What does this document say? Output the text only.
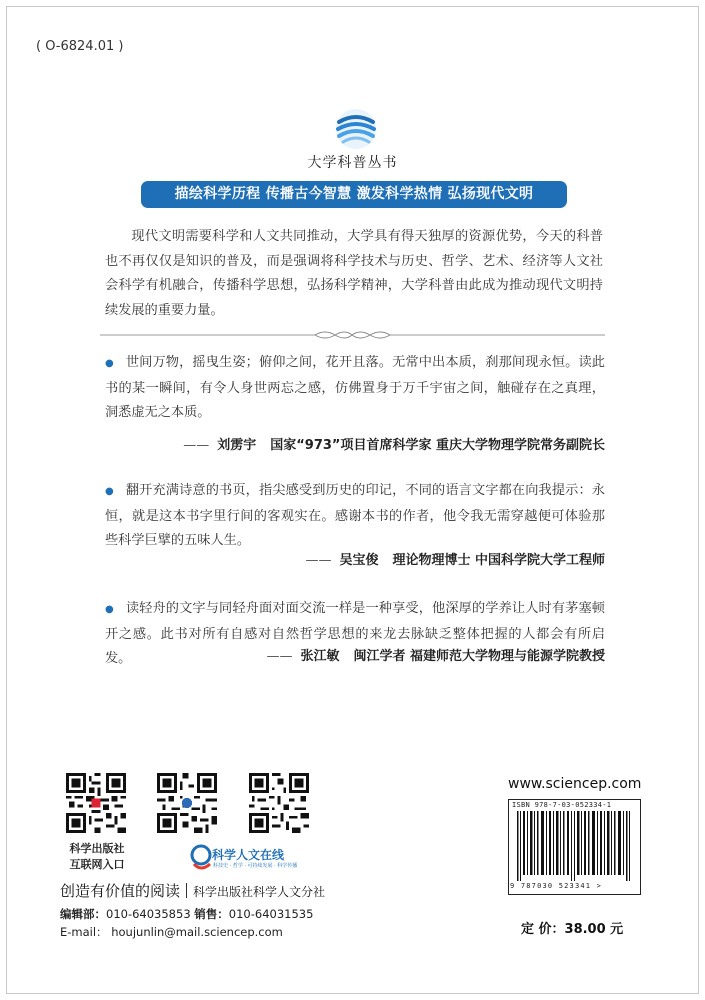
( O-6824.01 )
大学科普丛书
描绘科学历程 传播古今智慧 激发科学热情 弘扬现代文明
现代文明需要科学和人文共同推动，大学具有得天独厚的资源优势，今天的科普也不再仅仅是知识的普及，而是强调将科学技术与历史、哲学、艺术、经济等人文社会科学有机融合，传播科学思想，弘扬科学精神，大学科普由此成为推动现代文明持续发展的重要力量。
● 世间万物，摇曳生姿；俯仰之间，花开且落。无常中出本质，刹那间现永恒。读此书的某一瞬间，有令人身世两忘之感，仿佛置身于万千宇宙之间，触碰存在之真理，洞悉虚无之本质。
—— 刘雳宇 国家“973”项目首席科学家 重庆大学物理学院常务副院长
● 翻开充满诗意的书页，指尖感受到历史的印记，不同的语言文字都在向我提示：永恒，就是这本书字里行间的客观实在。感谢本书的作者，他令我无需穿越便可体验那些科学巨擘的五味人生。
—— 吴宝俊 理论物理博士 中国科学院大学工程师
● 读轻舟的文字与同轻舟面对面交流一样是一种享受，他深厚的学养让人时有茅塞顿开之感。此书对所有自感对自然哲学思想的来龙去脉缺乏整体把握的人都会有所启发。	—— 张江敏 闽江学者 福建师范大学物理与能源学院教授
科学出版社
互联网入口
科学人文在线
科技史 · 哲学 · 可持续发展 · 科学传播
创造有价值的阅读 科学出版社科学人文分社
编辑部：010-64035853 销售：010-64031535
E-mail： houjunlin@mail.sciencep.com
www.sciencep.com
ISBN 978-7-03-052334-1
9 787030 523341 >
定 价：38.00 元
